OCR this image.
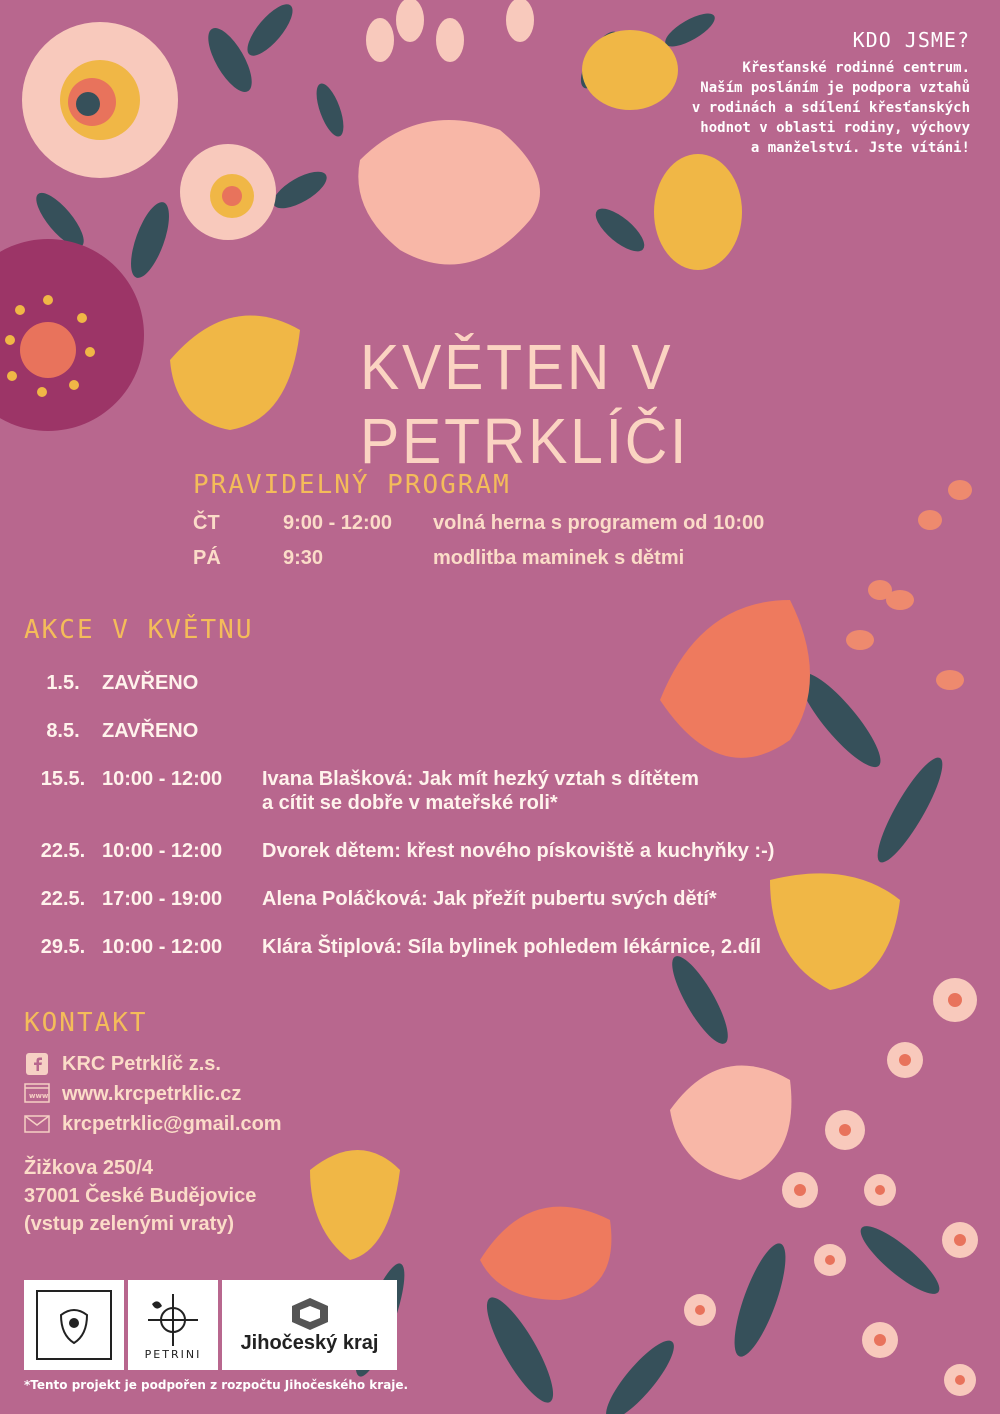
KDO JSME?
Křesťanské rodinné centrum.
Naším posláním je podpora vztahů
v rodinách a sdílení křesťanských
hodnot v oblasti rodiny, výchovy
a manželství. Jste vítáni!
KVĚTEN V PETRKLÍČI
PRAVIDELNÝ PROGRAM
ČT	9:00 - 12:00	volná herna s programem od 10:00
PÁ	9:30	modlitba maminek s dětmi
AKCE V KVĚTNU
1.5.	ZAVŘENO
8.5.	ZAVŘENO
15.5. 10:00 - 12:00	Ivana Blašková: Jak mít hezký vztah s dítětem
a cítit se dobře v mateřské roli*
22.5. 10:00 - 12:00	Dvorek dětem: křest nového pískoviště a kuchyňky :-)
22.5. 17:00 - 19:00	Alena Poláčková: Jak přežít pubertu svých dětí*
29.5. 10:00 - 12:00	Klára Štiplová: Síla bylinek pohledem lékárnice, 2.díl
KONTAKT
KRC Petrklíč z.s.
www www.krcpetrklic.cz
krcpetrklic@gmail.com
Žižkova 250/4
37001 České Budějovice
(vstup zelenými vraty)
PETRINI
Jihočeský kraj
*Tento projekt je podpořen z rozpočtu Jihočeského kraje.
